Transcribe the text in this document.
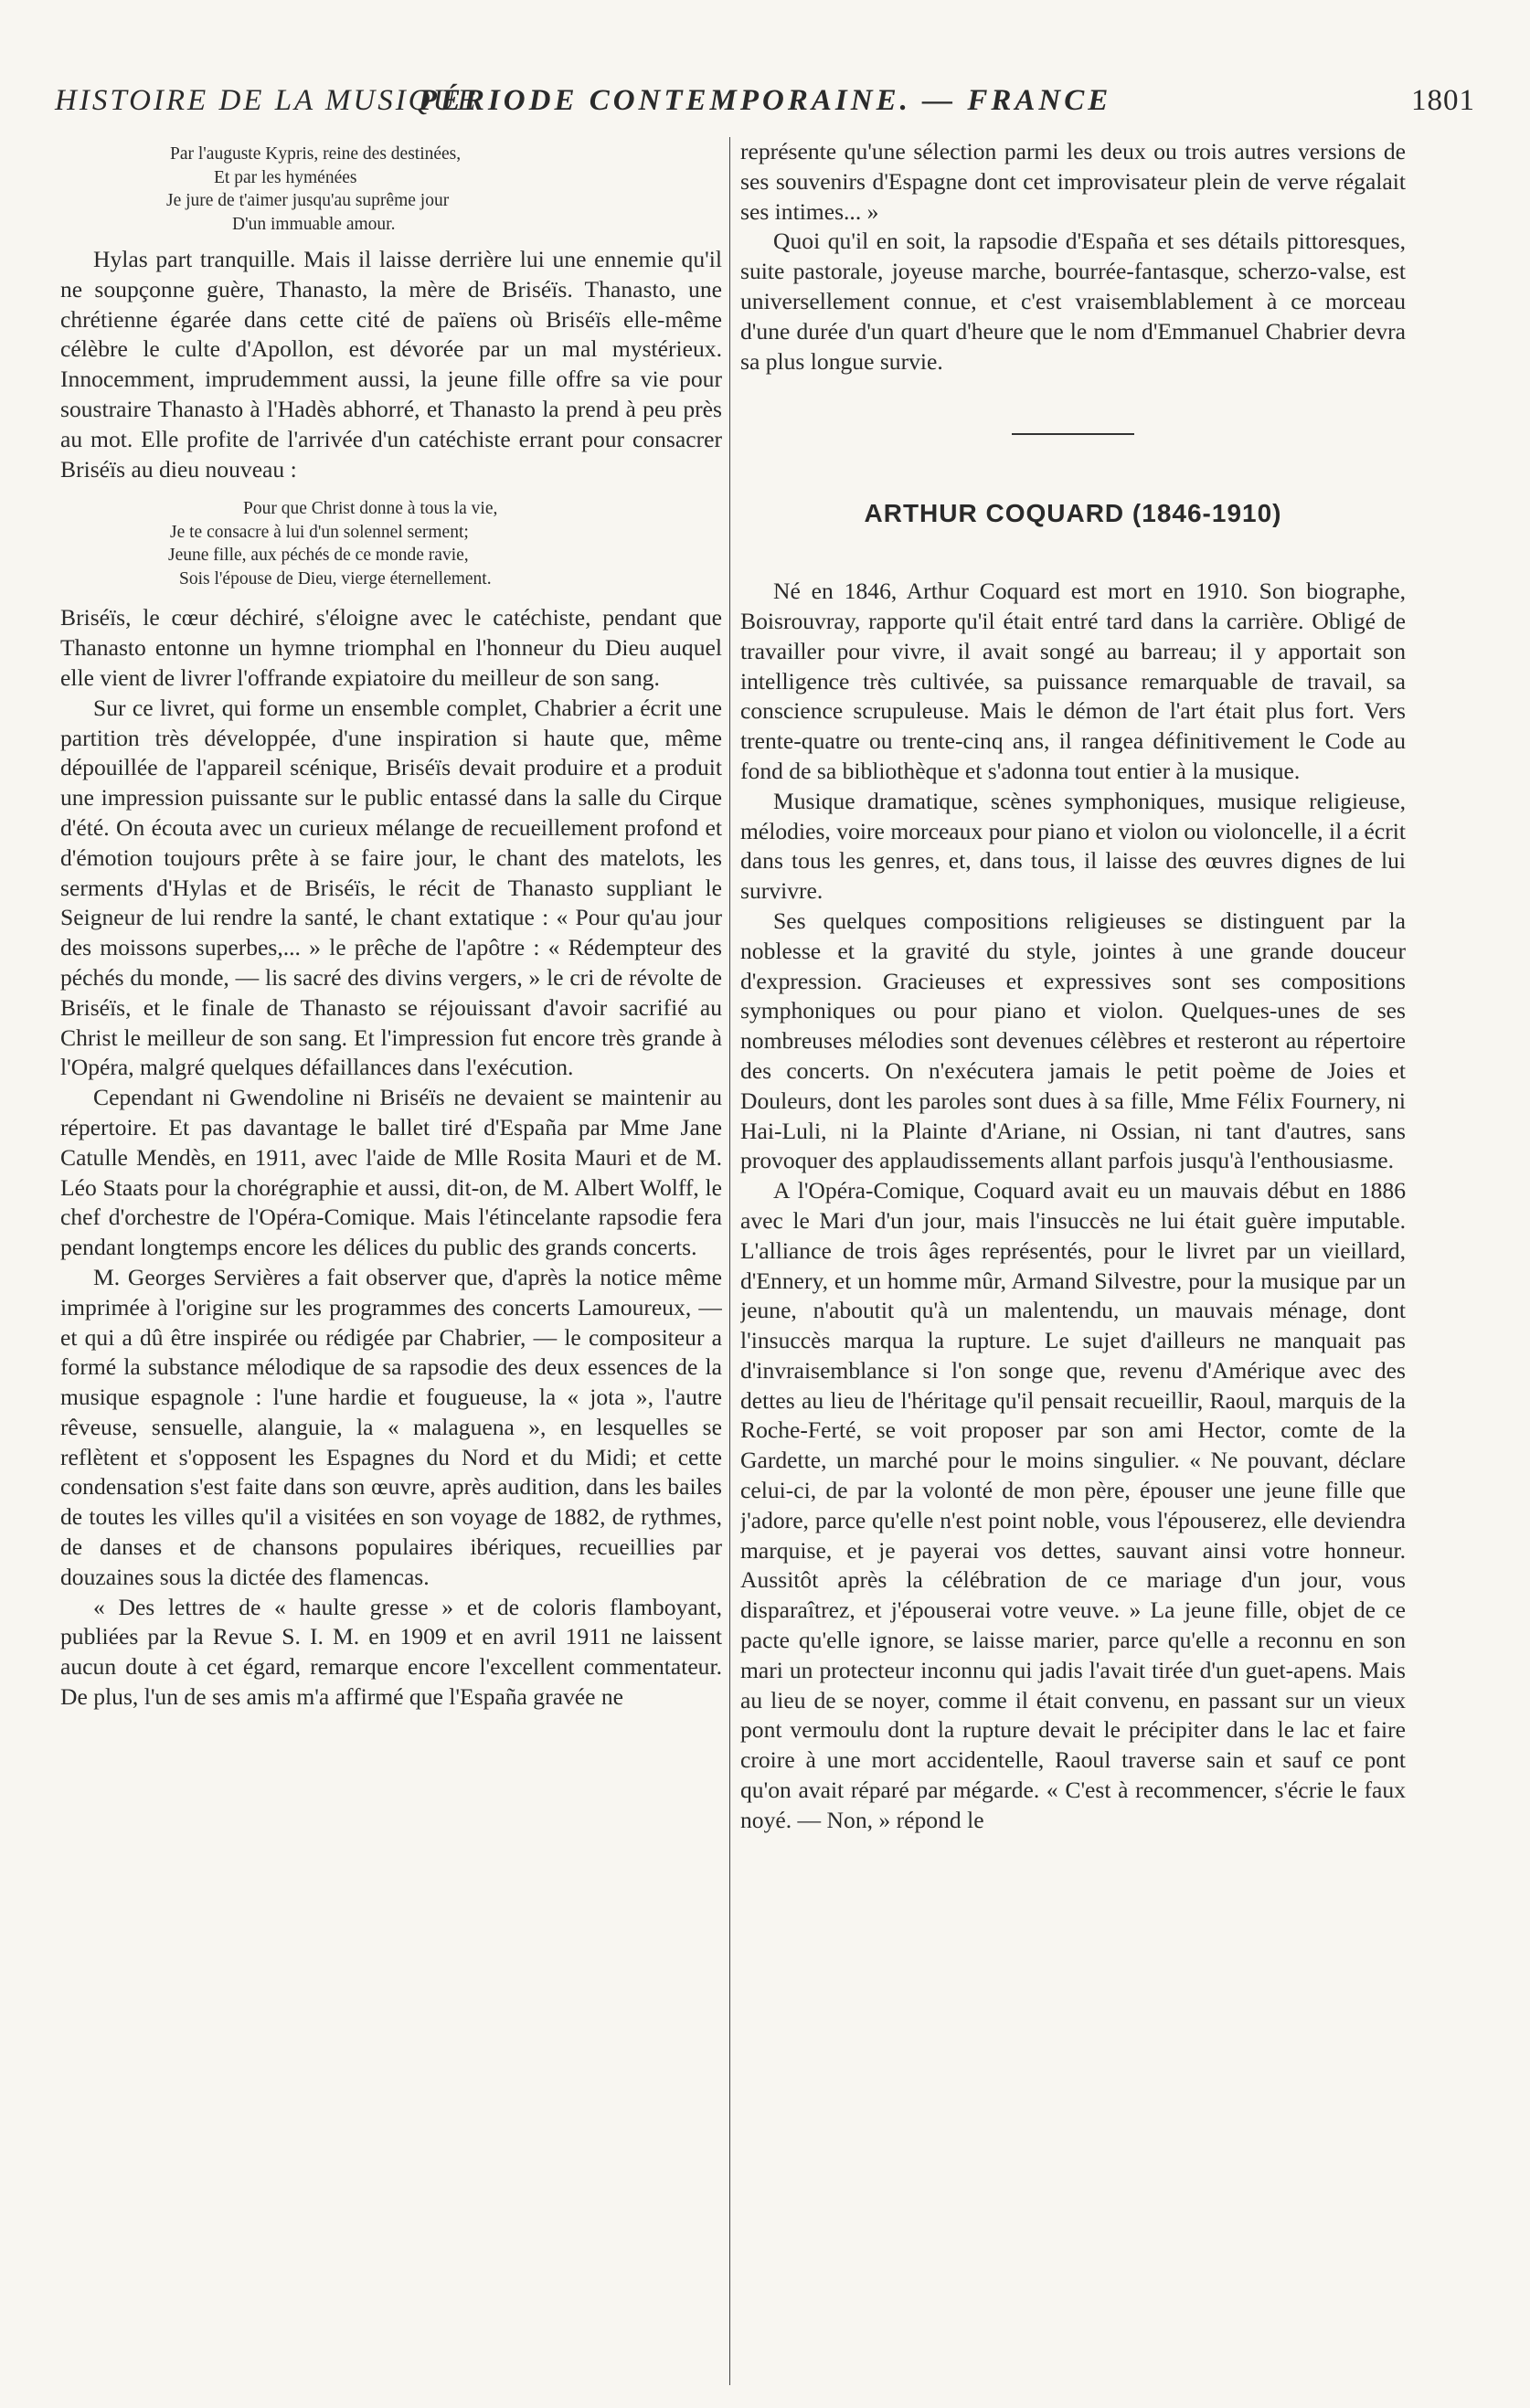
HISTOIRE DE LA MUSIQUE
PÉRIODE CONTEMPORAINE. — FRANCE	1801
Par l'auguste Kypris, reine des destinées,
Et par les hyménées
Je jure de t'aimer jusqu'au suprême jour
D'un immuable amour.

Hylas part tranquille. Mais il laisse derrière lui une ennemie qu'il ne soupçonne guère, Thanasto, la mère de Briséïs. Thanasto, une chrétienne égarée dans cette cité de païens où Briséïs elle-même célèbre le culte d'Apollon, est dévorée par un mal mystérieux. Innocemment, imprudemment aussi, la jeune fille offre sa vie pour soustraire Thanasto à l'Hadès abhorré, et Thanasto la prend à peu près au mot. Elle profite de l'arrivée d'un catéchiste errant pour consacrer Briséïs au dieu nouveau :

Pour que Christ donne à tous la vie,
Je te consacre à lui d'un solennel serment;
Jeune fille, aux péchés de ce monde ravie,
Sois l'épouse de Dieu, vierge éternellement.

Briséïs, le cœur déchiré, s'éloigne avec le catéchiste, pendant que Thanasto entonne un hymne triomphal en l'honneur du Dieu auquel elle vient de livrer l'offrande expiatoire du meilleur de son sang.

Sur ce livret, qui forme un ensemble complet, Chabrier a écrit une partition très développée, d'une inspiration si haute que, même dépouillée de l'appareil scénique, Briséïs devait produire et a produit une impression puissante sur le public entassé dans la salle du Cirque d'été. On écouta avec un curieux mélange de recueillement profond et d'émotion toujours prête à se faire jour, le chant des matelots, les serments d'Hylas et de Briséïs, le récit de Thanasto suppliant le Seigneur de lui rendre la santé, le chant extatique : « Pour qu'au jour des moissons superbes,... » le prêche de l'apôtre : « Rédempteur des péchés du monde, — lis sacré des divins vergers, » le cri de révolte de Briséïs, et le finale de Thanasto se réjouissant d'avoir sacrifié au Christ le meilleur de son sang. Et l'impression fut encore très grande à l'Opéra, malgré quelques défaillances dans l'exécution.

Cependant ni Gwendoline ni Briséïs ne devaient se maintenir au répertoire. Et pas davantage le ballet tiré d'España par Mme Jane Catulle Mendès, en 1911, avec l'aide de Mlle Rosita Mauri et de M. Léo Staats pour la chorégraphie et aussi, dit-on, de M. Albert Wolff, le chef d'orchestre de l'Opéra-Comique. Mais l'étincelante rapsodie fera pendant longtemps encore les délices du public des grands concerts.

M. Georges Servières a fait observer que, d'après la notice même imprimée à l'origine sur les programmes des concerts Lamoureux, — et qui a dû être inspirée ou rédigée par Chabrier, — le compositeur a formé la substance mélodique de sa rapsodie des deux essences de la musique espagnole : l'une hardie et fougueuse, la « jota », l'autre rêveuse, sensuelle, alanguie, la « malaguena », en lesquelles se reflètent et s'opposent les Espagnes du Nord et du Midi; et cette condensation s'est faite dans son œuvre, après audition, dans les bailes de toutes les villes qu'il a visitées en son voyage de 1882, de rythmes, de danses et de chansons populaires ibériques, recueillies par douzaines sous la dictée des flamencas.

« Des lettres de « haulte gresse » et de coloris flamboyant, publiées par la Revue S. I. M. en 1909 et en avril 1911 ne laissent aucun doute à cet égard, remarque encore l'excellent commentateur. De plus, l'un de ses amis m'a affirmé que l'España gravée ne

représente qu'une sélection parmi les deux ou trois autres versions de ses souvenirs d'Espagne dont cet improvisateur plein de verve régalait ses intimes... »

Quoi qu'il en soit, la rapsodie d'España et ses détails pittoresques, suite pastorale, joyeuse marche, bourrée-fantasque, scherzo-valse, est universellement connue, et c'est vraisemblablement à ce morceau d'une durée d'un quart d'heure que le nom d'Emmanuel Chabrier devra sa plus longue survie.

ARTHUR COQUARD (1846-1910)

Né en 1846, Arthur Coquard est mort en 1910. Son biographe, Boisrouvray, rapporte qu'il était entré tard dans la carrière. Obligé de travailler pour vivre, il avait songé au barreau; il y apportait son intelligence très cultivée, sa puissance remarquable de travail, sa conscience scrupuleuse. Mais le démon de l'art était plus fort. Vers trente-quatre ou trente-cinq ans, il rangea définitivement le Code au fond de sa bibliothèque et s'adonna tout entier à la musique.

Musique dramatique, scènes symphoniques, musique religieuse, mélodies, voire morceaux pour piano et violon ou violoncelle, il a écrit dans tous les genres, et, dans tous, il laisse des œuvres dignes de lui survivre.

Ses quelques compositions religieuses se distinguent par la noblesse et la gravité du style, jointes à une grande douceur d'expression. Gracieuses et expressives sont ses compositions symphoniques ou pour piano et violon. Quelques-unes de ses nombreuses mélodies sont devenues célèbres et resteront au répertoire des concerts. On n'exécutera jamais le petit poème de Joies et Douleurs, dont les paroles sont dues à sa fille, Mme Félix Fournery, ni Hai-Luli, ni la Plainte d'Ariane, ni Ossian, ni tant d'autres, sans provoquer des applaudissements allant parfois jusqu'à l'enthousiasme.

A l'Opéra-Comique, Coquard avait eu un mauvais début en 1886 avec le Mari d'un jour, mais l'insuccès ne lui était guère imputable. L'alliance de trois âges représentés, pour le livret par un vieillard, d'Ennery, et un homme mûr, Armand Silvestre, pour la musique par un jeune, n'aboutit qu'à un malentendu, un mauvais ménage, dont l'insuccès marqua la rupture. Le sujet d'ailleurs ne manquait pas d'invraisemblance si l'on songe que, revenu d'Amérique avec des dettes au lieu de l'héritage qu'il pensait recueillir, Raoul, marquis de la Roche-Ferté, se voit proposer par son ami Hector, comte de la Gardette, un marché pour le moins singulier. « Ne pouvant, déclare celui-ci, de par la volonté de mon père, épouser une jeune fille que j'adore, parce qu'elle n'est point noble, vous l'épouserez, elle deviendra marquise, et je payerai vos dettes, sauvant ainsi votre honneur. Aussitôt après la célébration de ce mariage d'un jour, vous disparaîtrez, et j'épouserai votre veuve. » La jeune fille, objet de ce pacte qu'elle ignore, se laisse marier, parce qu'elle a reconnu en son mari un protecteur inconnu qui jadis l'avait tirée d'un guet-apens. Mais au lieu de se noyer, comme il était convenu, en passant sur un vieux pont vermoulu dont la rupture devait le précipiter dans le lac et faire croire à une mort accidentelle, Raoul traverse sain et sauf ce pont qu'on avait réparé par mégarde. « C'est à recommencer, s'écrie le faux noyé. — Non, » répond le
